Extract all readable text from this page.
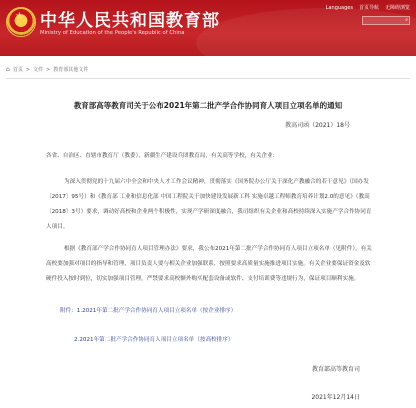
★ 中华人民共和国教育部
Ministry of Education of the People's Republic of China
Languages 首页导航 无障碍浏览
⌕
⌂ 首页 > 文件 > 教育部其他文件
教育部高等教育司关于公布2021年第二批产学合作协同育人项目立项名单的通知
教高司函（2021）18号
各省、自治区、直辖市教育厅（教委），新疆生产建设兵团教育局，有关高等学校，有关企业：
为深入贯彻党的十九届六中全会和中央人才工作会议精神，贯彻落实《国务院办公厅关于深化产教融合的若干意见》（国办发〔2017〕95号）和《教育部 工业和信息化部 中国工程院关于加快建设发展新工科 实施卓越工程师教育培养计划2.0的意见》（教高〔2018〕3号）要求，调动好高校和企业两个积极性，实现产学研深度融合，我司组织有关企业和高校持续深入实施产学合作协同育人项目。
根据《教育部产学合作协同育人项目管理办法》要求，我公布2021年第二批产学合作协同育人项目立项名单（见附件）。有关高校要加强对项目的指导和管理，项目负责人要与相关企业加强联系，按照要求高质量实施推进项目实施。有关企业要保证资金及软硬件投入按时到位，切实加强项目管理，严禁要求高校额外购买配套设备或软件、支付培训费等违规行为，保证项目顺利实施。
附件：1.2021年第二批产学合作协同育人项目立项名单（按企业排序）
2.2021年第二批产学合作协同育人项目立项名单（按高校排序）
教育部高等教育司
2021年12月14日
